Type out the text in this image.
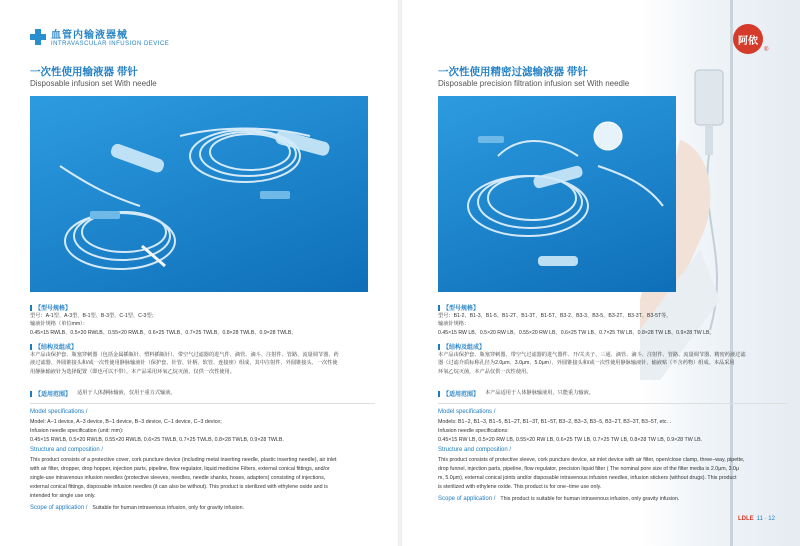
血管内输液器械
INTRAVASCULAR INFUSION DEVICE
一次性使用输液器 带针
Disposable infusion set With needle
【型号规格】
型号：A-1型、A-3型、B-1型、B-3型、C-1型、C-3型；
输液针规格（单位mm）：
0.45×15 RWLB、0.5×20 RWLB、0.55×20 RWLB、0.6×25 TWLB、0.7×25 TWLB、0.8×28 TWLB、0.9×28 TWLB。
【结构及组成】
本产品由保护套、瓶塞穿刺器（包括金属插瓶针、塑料插瓶针）、带空气过滤器的进气件、滴管、滴斗、注射件、管路、流量调节器、药
液过滤器、外圆锥接头和/或一次性使用静脉输液针（保护套、针管、针柄、软管、连接座）组成，其中注射件、外圆锥接头、一次性使
用静脉输液针为选择配置（即也可以不带）。本产品采用环氧乙烷灭菌，仅供一次性使用。
【适用范围】 适用于人体静脉输液，仅用于重力式输液。
Model specifications /
Model: A−1 device, A−3 device, B−1 device, B−3 device, C−1 device, C−3 device;
Infusion needle specification (unit: mm):
0.45×15 RWLB, 0.5×20 RWLB, 0.55×20 RWLB, 0.6×25 TWLB, 0.7×25 TWLB, 0.8×28 TWLB, 0.9×28 TWLB.
Structure and composition /
This product consists of a protective cover, cork puncture device (including metal inserting needle, plastic inserting needle), air inlet
with air filter, dropper, drop hopper, injection parts, pipeline, flow regulator, liquid medicine Filters, external conical fittings, and/or
single-use intravenous infusion needles (protective sleeves, needles, needle shanks, hoses, adapters) consisting of injections,
external conical fittings, disposable infusion needles (it can also be without). This product is sterilized with ethylene oxide and is
intended for single use only.
Scope of application / Suitable for human intravenous infusion, only for gravity infusion.
一次性使用精密过滤输液器 带针
Disposable precision filtration infusion set With needle
【型号规格】
型号：B1-2、B1-3、B1-5、B1-2T、B1-3T、B1-5T、B3-2、B3-3、B3-5、B3-2T、B3-3T、B3-5T等。
输液针规格：
0.45×15 RW LB、0.5×20 RW LB、0.55×20 RW LB、0.6×25 TW LB、0.7×25 TW LB、0.8×28 TW LB、0.9×28 TW LB。
【结构及组成】
本产品由保护套、瓶塞穿刺器、带空气过滤器的进气器件、开/关夹子、三通、滴管、滴斗、注射件、管路、流量调节器、精密药液过滤
器（过滤介质标称孔径为2.0μm、3.0μm、5.0μm）、外圆锥接头和/或一次性使用静脉输液针、输液贴（不含药物）组成。本品采用
环氧乙烷灭菌，本产品仅供一次性使用。
【适用范围】 本产品适用于人体静脉输液用，只能重力输液。
Model specifications /
Models: B1−2, B1−3, B1−5, B1−2T, B1−3T, B1−5T, B3−2, B3−3, B3−5, B3−2T, B3−3T, B3−5T, etc. .
Infusion needle specifications:
0.45×15 RW LB, 0.5×20 RW LB, 0.55×20 RW LB, 0.6×25 TW LB, 0.7×25 TW LB, 0.8×28 TW LB, 0.9×28 TW LB.
Structure and composition /
This product consists of protective sleeve, cork puncture device, air inlet device with air filter, open/close clamp, three−way, pipette,
drop funnel, injection parts, pipeline, flow regulator, precision liquid filter ( The nominal pore size of the filter media is 2.0μm, 3.0μ
m, 5.0μm), external conical joints and/or disposable intravenous infusion needles, infusion stickers (without drugs). This product
is sterilized with ethylene oxide. This product is for one−time use only.
Scope of application / This product is suitable for human intravenous infusion, only gravity infusion.
阿依
®
LDLE 11 · 12
